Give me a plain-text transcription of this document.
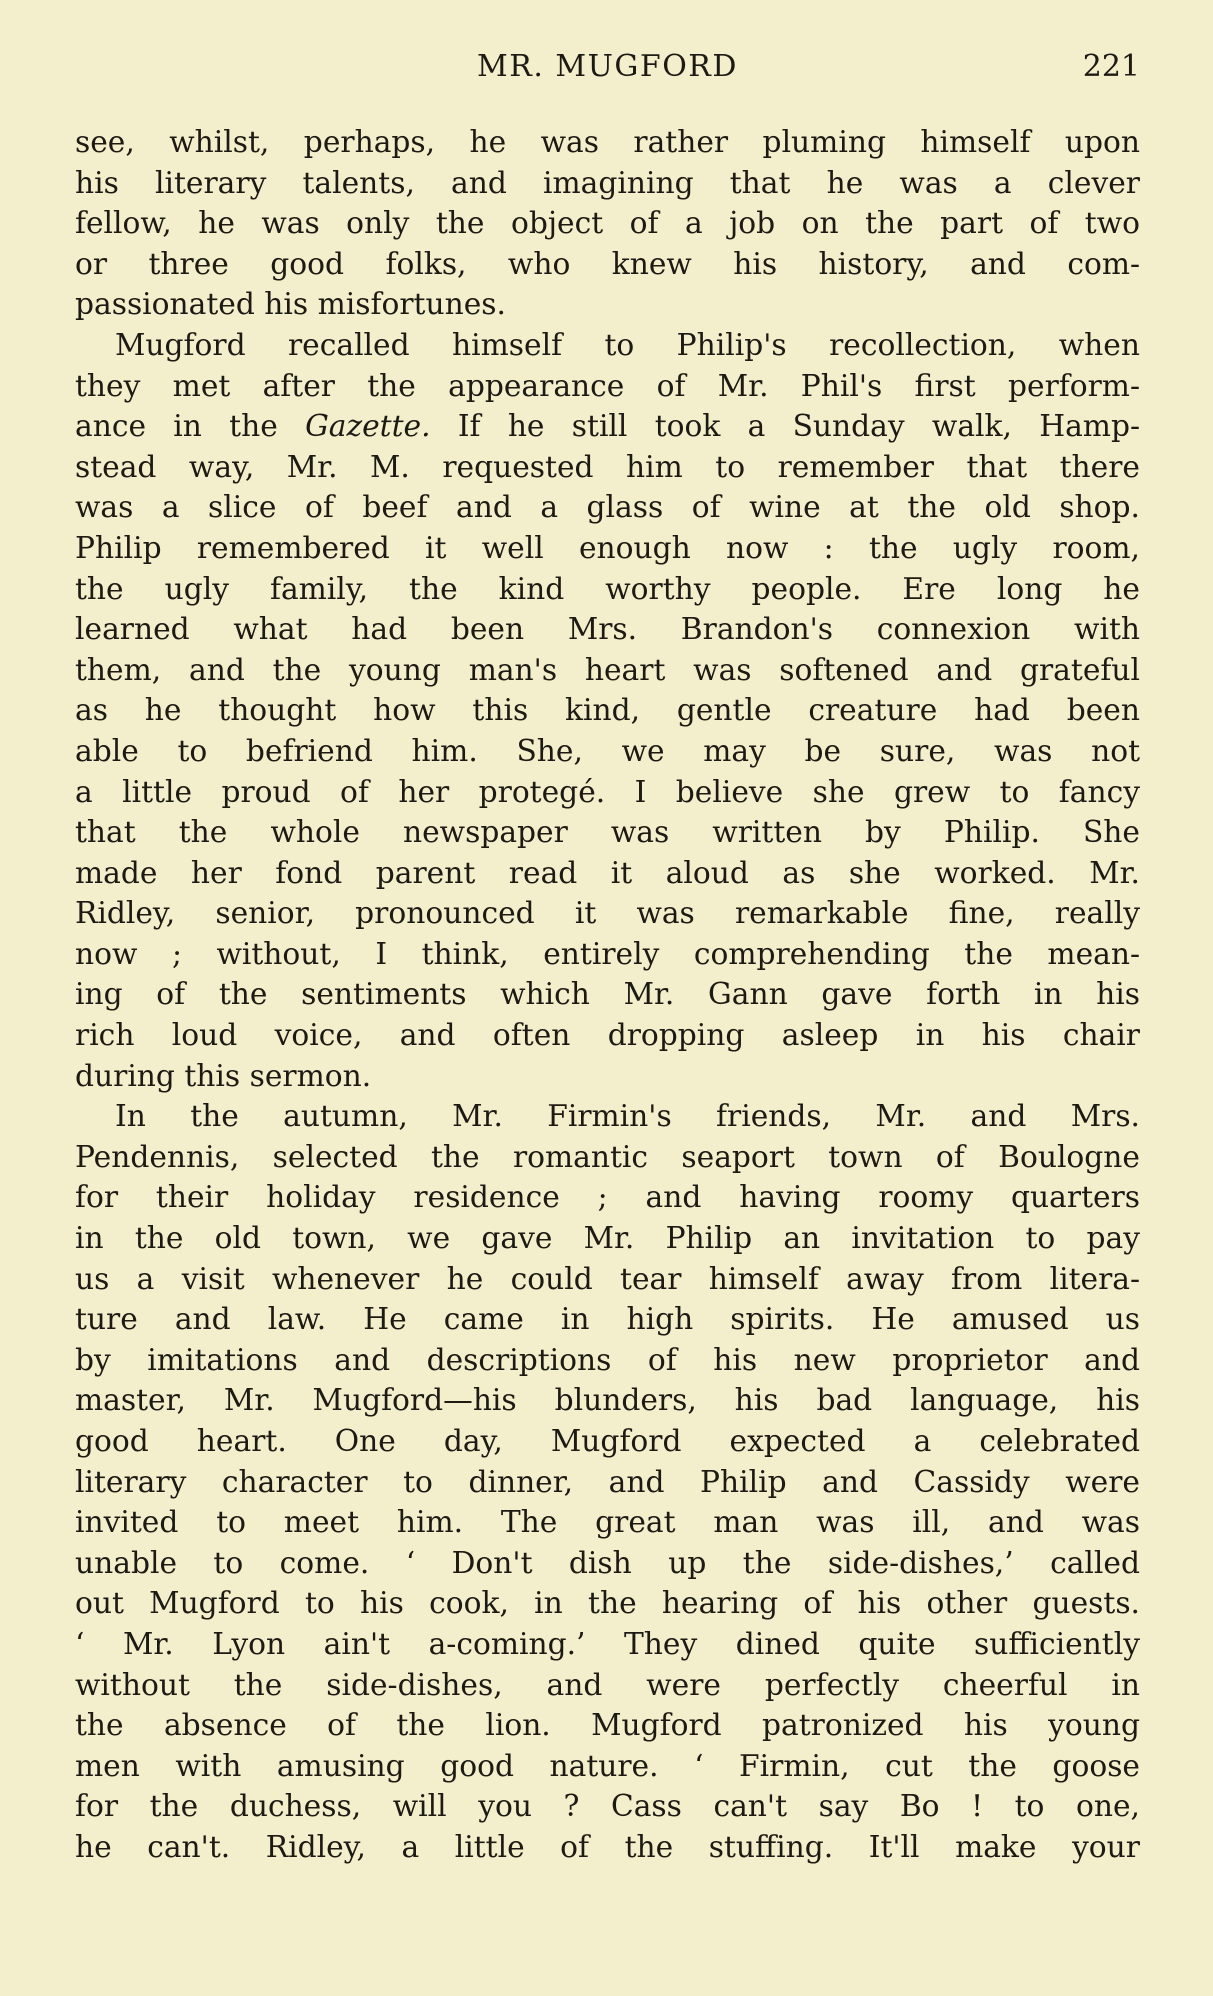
MR. MUGFORD	221
see, whilst, perhaps, he was rather pluming himself upon
his literary talents, and imagining that he was a clever
fellow, he was only the object of a job on the part of two
or three good folks, who knew his history, and com-
passionated his misfortunes.
Mugford recalled himself to Philip's recollection, when
they met after the appearance of Mr. Phil's first perform-
ance in the Gazette. If he still took a Sunday walk, Hamp-
stead way, Mr. M. requested him to remember that there
was a slice of beef and a glass of wine at the old shop.
Philip remembered it well enough now : the ugly room,
the ugly family, the kind worthy people. Ere long he
learned what had been Mrs. Brandon's connexion with
them, and the young man's heart was softened and grateful
as he thought how this kind, gentle creature had been
able to befriend him. She, we may be sure, was not
a little proud of her protegé. I believe she grew to fancy
that the whole newspaper was written by Philip. She
made her fond parent read it aloud as she worked. Mr.
Ridley, senior, pronounced it was remarkable fine, really
now ; without, I think, entirely comprehending the mean-
ing of the sentiments which Mr. Gann gave forth in his
rich loud voice, and often dropping asleep in his chair
during this sermon.
In the autumn, Mr. Firmin's friends, Mr. and Mrs.
Pendennis, selected the romantic seaport town of Boulogne
for their holiday residence ; and having roomy quarters
in the old town, we gave Mr. Philip an invitation to pay
us a visit whenever he could tear himself away from litera-
ture and law. He came in high spirits. He amused us
by imitations and descriptions of his new proprietor and
master, Mr. Mugford—his blunders, his bad language, his
good heart. One day, Mugford expected a celebrated
literary character to dinner, and Philip and Cassidy were
invited to meet him. The great man was ill, and was
unable to come. ‘ Don't dish up the side-dishes,’ called
out Mugford to his cook, in the hearing of his other guests.
‘ Mr. Lyon ain't a-coming.’ They dined quite sufficiently
without the side-dishes, and were perfectly cheerful in
the absence of the lion. Mugford patronized his young
men with amusing good nature. ‘ Firmin, cut the goose
for the duchess, will you ? Cass can't say Bo ! to one,
he can't. Ridley, a little of the stuffing. It'll make your
